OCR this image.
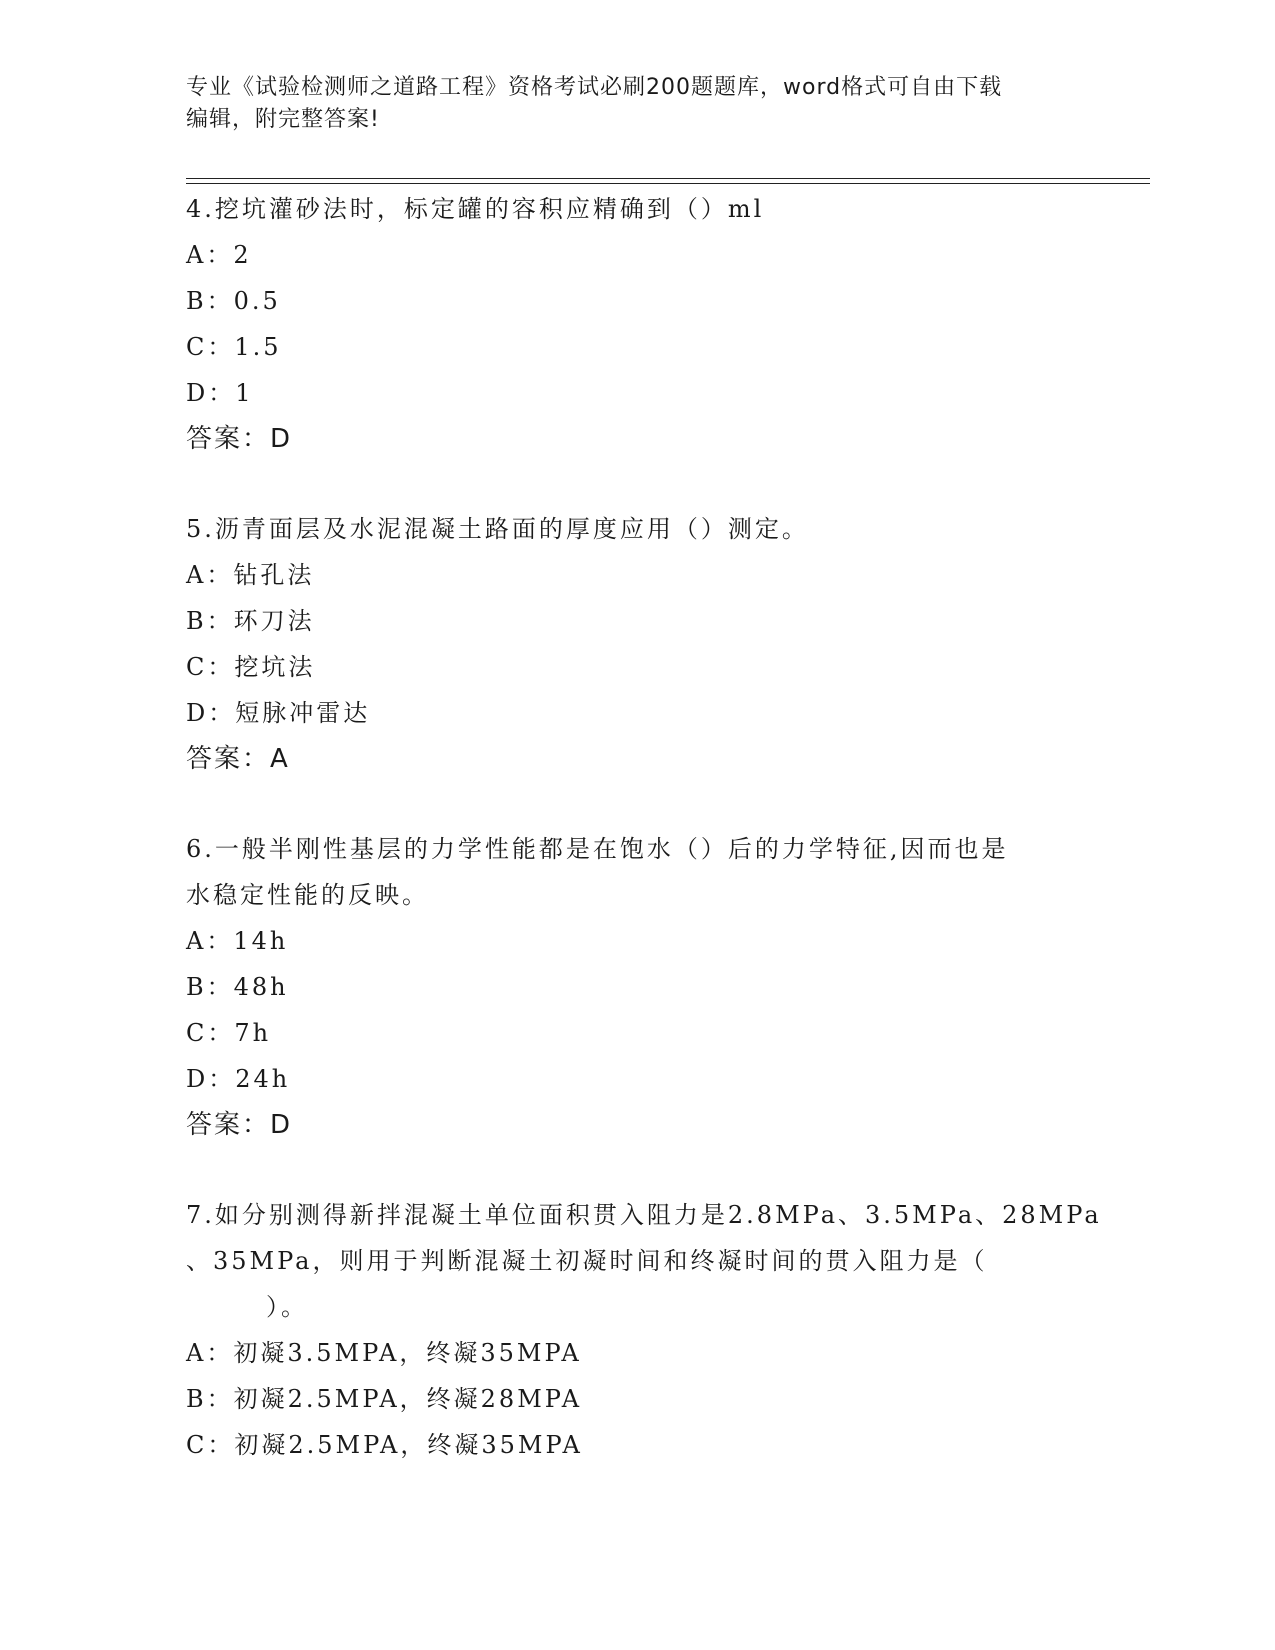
专业《试验检测师之道路工程》资格考试必刷200题题库，word格式可自由下载
编辑，附完整答案!
4.挖坑灌砂法时，标定罐的容积应精确到（）ml
A：2
B：0.5
C：1.5
D：1
答案：D
5.沥青面层及水泥混凝土路面的厚度应用（）测定。
A：钻孔法
B：环刀法
C：挖坑法
D：短脉冲雷达
答案：A
6.一般半刚性基层的力学性能都是在饱水（）后的力学特征,因而也是
水稳定性能的反映。
A：14h
B：48h
C：7h
D：24h
答案：D
7.如分别测得新拌混凝土单位面积贯入阻力是2.8MPa、3.5MPa、28MPa
、35MPa，则用于判断混凝土初凝时间和终凝时间的贯入阻力是（
）。
A：初凝3.5MPA，终凝35MPA
B：初凝2.5MPA，终凝28MPA
C：初凝2.5MPA，终凝35MPA
